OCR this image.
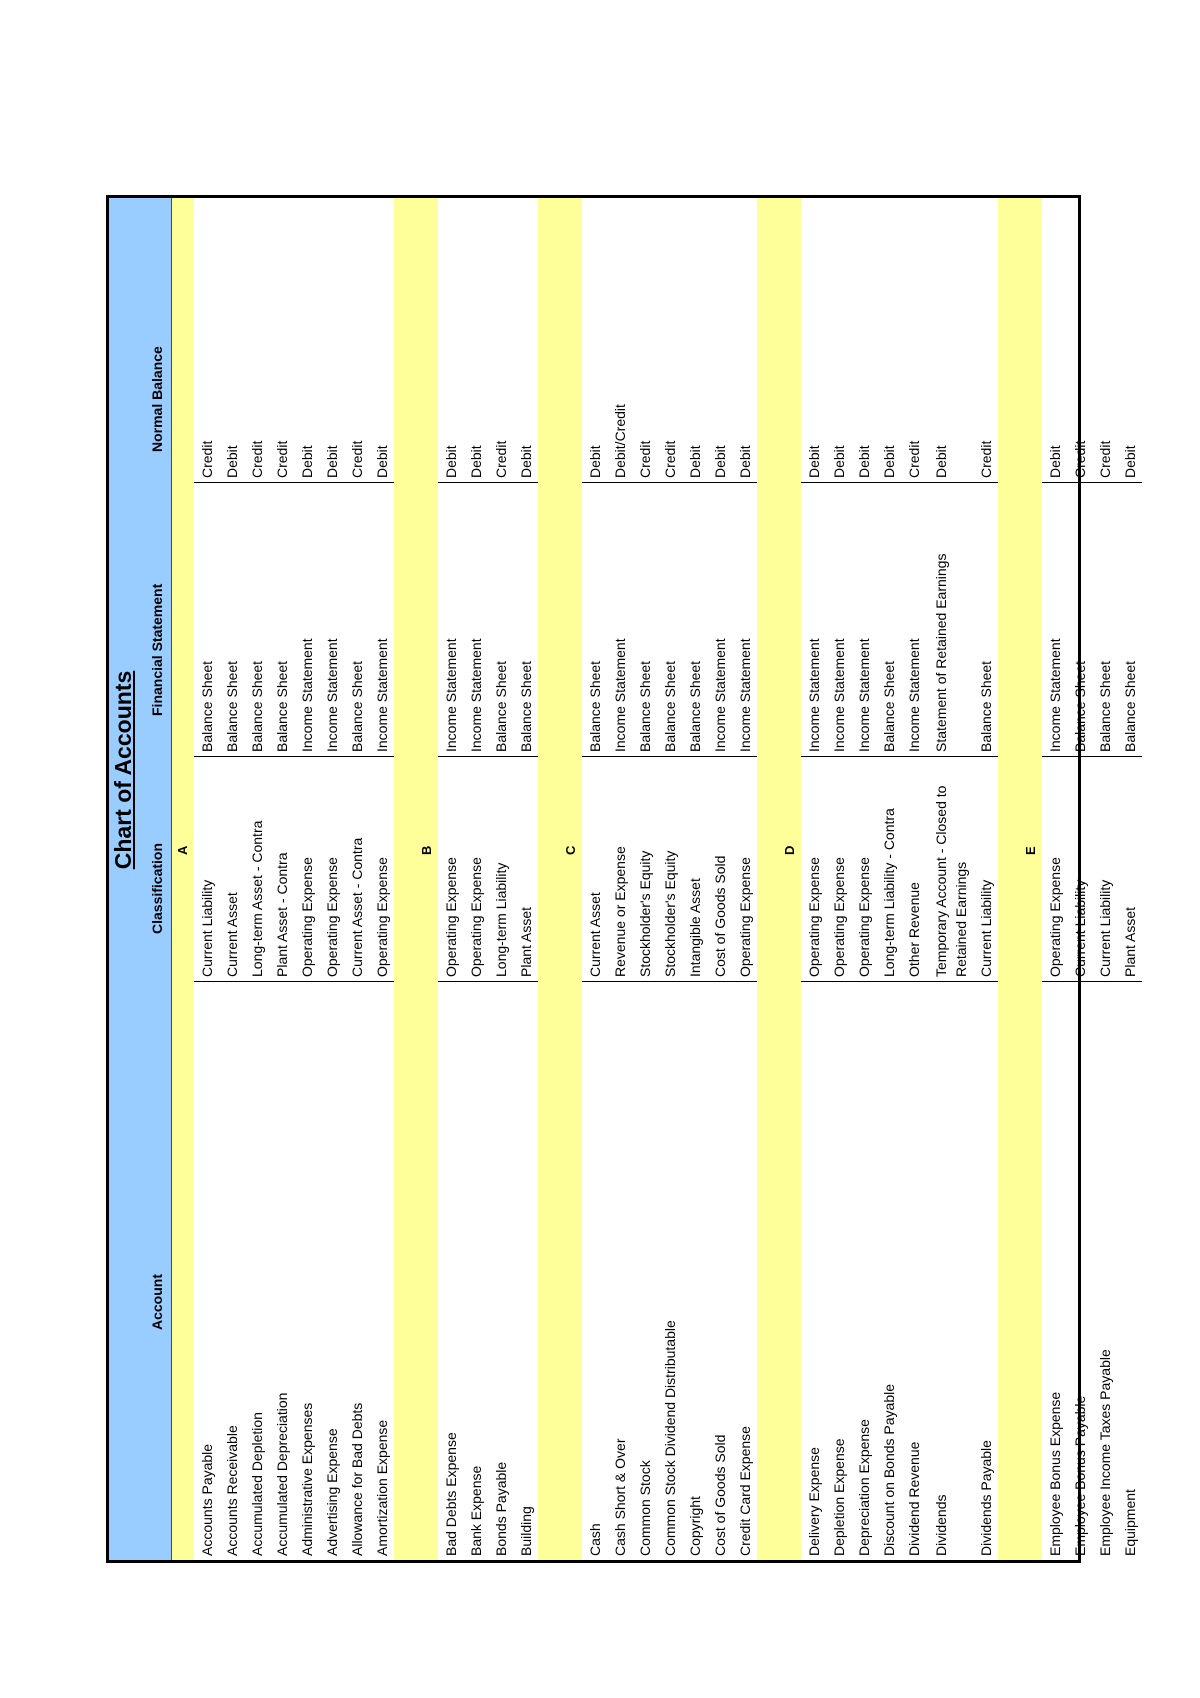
Chart of Accounts
Account
Classification
Financial Statement
Normal Balance
A
Accounts Payable
Current Liability
Balance Sheet
Credit
Accounts Receivable
Current Asset
Balance Sheet
Debit
Accumulated Depletion
Long-term Asset - Contra
Balance Sheet
Credit
Accumulated Depreciation
Plant Asset - Contra
Balance Sheet
Credit
Administrative Expenses
Operating Expense
Income Statement
Debit
Advertising Expense
Operating Expense
Income Statement
Debit
Allowance for Bad Debts
Current Asset - Contra
Balance Sheet
Credit
Amortization Expense
Operating Expense
Income Statement
Debit
B
Bad Debts Expense
Operating Expense
Income Statement
Debit
Bank Expense
Operating Expense
Income Statement
Debit
Bonds Payable
Long-term Liability
Balance Sheet
Credit
Building
Plant Asset
Balance Sheet
Debit
C
Cash
Current Asset
Balance Sheet
Debit
Cash Short & Over
Revenue or Expense
Income Statement
Debit/Credit
Common Stock
Stockholder's Equity
Balance Sheet
Credit
Common Stock Dividend Distributable
Stockholder's Equity
Balance Sheet
Credit
Copyright
Intangible Asset
Balance Sheet
Debit
Cost of Goods Sold
Cost of Goods Sold
Income Statement
Debit
Credit Card Expense
Operating Expense
Income Statement
Debit
D
Delivery Expense
Operating Expense
Income Statement
Debit
Depletion Expense
Operating Expense
Income Statement
Debit
Depreciation Expense
Operating Expense
Income Statement
Debit
Discount on Bonds Payable
Long-term Liability - Contra
Balance Sheet
Debit
Dividend Revenue
Other Revenue
Income Statement
Credit
Dividends
Temporary Account - Closed to Retained Earnings
Statement of Retained Earnings
Debit
Dividends Payable
Current Liability
Balance Sheet
Credit
E
Employee Bonus Expense
Operating Expense
Income Statement
Debit
Employee Bonus Payable
Current Liability
Balance Sheet
Credit
Employee Income Taxes Payable
Current Liability
Balance Sheet
Credit
Equipment
Plant Asset
Balance Sheet
Debit
